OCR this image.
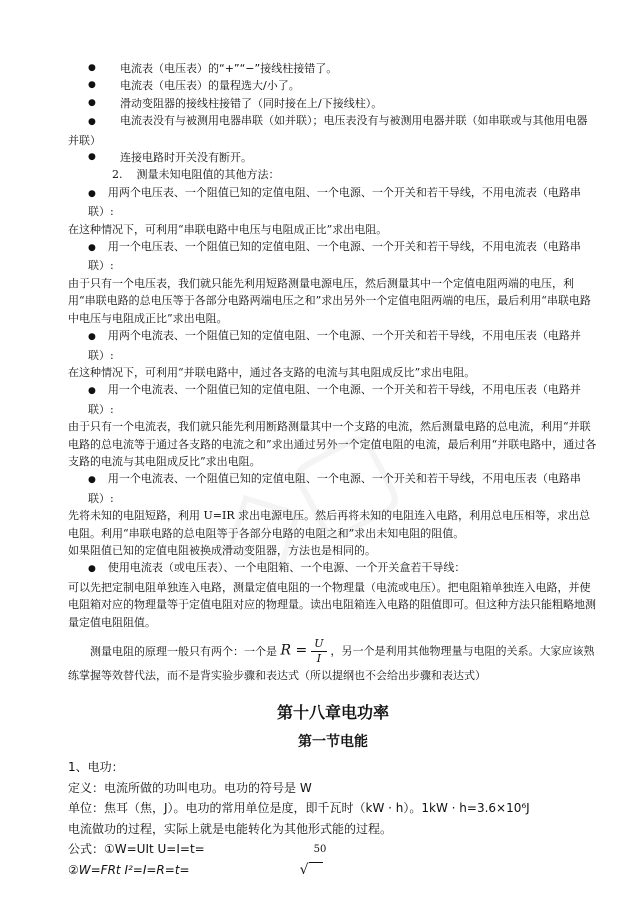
●	电流表（电压表）的“+”“−”接线柱接错了。
●	电流表（电压表）的量程选大/小了。
●	滑动变阻器的接线柱接错了（同时接在上/下接线柱）。
● 电流表没有与被测用电器串联（如并联）；电压表没有与被测用电器并联（如串联或与其他用电器并联）
●	连接电路时开关没有断开。

2.    测量未知电阻值的其他方法：

● 用两个电压表、一个阻值已知的定值电阻、一个电源、一个开关和若干导线，不用电流表（电路串联）:

在这种情况下，可利用“串联电路中电压与电阻成正比”求出电阻。

● 用一个电压表、一个阻值已知的定值电阻、一个电源、一个开关和若干导线，不用电流表（电路串联）:

由于只有一个电压表，我们就只能先利用短路测量电源电压，然后测量其中一个定值电阻两端的电压，利用“串联电路的总电压等于各部分电路两端电压之和”求出另外一个定值电阻两端的电压，最后利用“串联电路中电压与电阻成正比”求出电阻。

● 用两个电流表、一个阻值已知的定值电阻、一个电源、一个开关和若干导线，不用电压表（电路并联）:

在这种情况下，可利用“并联电路中，通过各支路的电流与其电阻成反比”求出电阻。

● 用一个电流表、一个阻值已知的定值电阻、一个电源、一个开关和若干导线，不用电压表（电路并联）:

由于只有一个电流表，我们就只能先利用断路测量其中一个支路的电流，然后测量电路的总电流，利用“并联电路的总电流等于通过各支路的电流之和”求出通过另外一个定值电阻的电流，最后利用“并联电路中，通过各支路的电流与其电阻成反比”求出电阻。

● 用一个电流表、一个阻值已知的定值电阻、一个电源、一个开关和若干导线，不用电压表（电路串联）:

先将未知的电阻短路，利用 U=IR 求出电源电压。然后再将未知的电阻连入电路，利用总电压相等，求出总电阻。利用“串联电路的总电阻等于各部分电路的电阻之和”求出未知电阻的阻值。

如果阻值已知的定值电阻被换成滑动变阻器，方法也是相同的。

● 使用电流表（或电压表）、一个电阻箱、一个电源、一个开关盒若干导线：

可以先把定制电阻单独连入电路，测量定值电阻的一个物理量（电流或电压）。把电阻箱单独连入电路，并使电阻箱对应的物理量等于定值电阻对应的物理量。读出电阻箱连入电路的阻值即可。但这种方法只能粗略地测量定值电阻阻值。

测量电阻的原理一般只有两个：一个是 $R = \frac{U}{I}$ ，另一个是利用其他物理量与电阻的关系。大家应该熟练掌握等效替代法，而不是背实验步骤和表达式（所以提纲也不会给出步骤和表达式）

第十八章电功率
第一节电能

1、电功：

定义：电流所做的功叫电功。电功的符号是 W

单位：焦耳（焦，J）。电功的常用单位是度，即千瓦时（kW · h）。1kW · h=3.6×10⁶J

电流做功的过程，实际上就是电能转化为其他形式能的过程。

公式：①W=UIt U=I=t=

②W=FRt I²=I=R=t=	√

50
